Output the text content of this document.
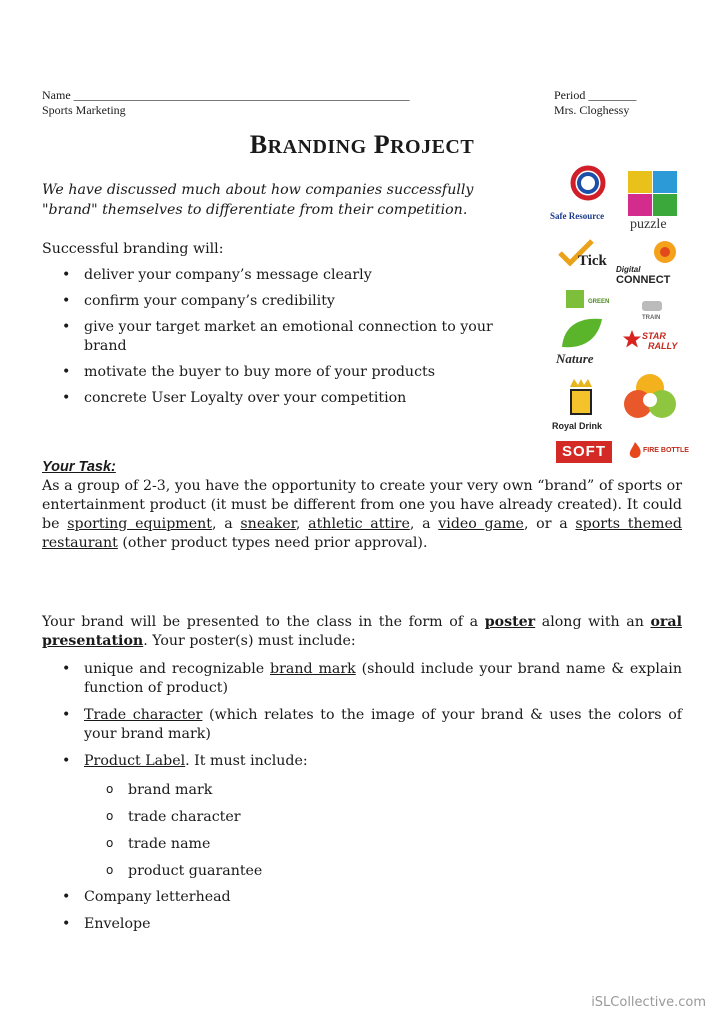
Name ________________________________________________________
Sports Marketing
Period ________
Mrs. Cloghessy
BRANDING PROJECT
We have discussed much about how companies successfully "brand" themselves to differentiate from their competition.
Successful branding will:
• deliver your company’s message clearly
• confirm your company’s credibility
• give your target market an emotional connection to your brand
• motivate the buyer to buy more of your products
• concrete User Loyalty over your competition
Safe Resource
puzzle
Tick
Digital
CONNECT
GREEN
TRAIN
Nature
STAR
RALLY
Royal Drink
SOFT	FIRE BOTTLE
Your Task:
As a group of 2-3, you have the opportunity to create your very own “brand” of sports or entertainment product (it must be different from one you have already created). It could be sporting equipment, a sneaker, athletic attire, a video game, or a sports themed restaurant (other product types need prior approval).
Your brand will be presented to the class in the form of a poster along with an oral presentation. Your poster(s) must include:
• unique and recognizable brand mark (should include your brand name & explain function of product)
• Trade character (which relates to the image of your brand & uses the colors of your brand mark)
• Product Label. It must include:
o brand mark
o trade character
o trade name
o product guarantee
• Company letterhead
• Envelope
iSLCollective.com
